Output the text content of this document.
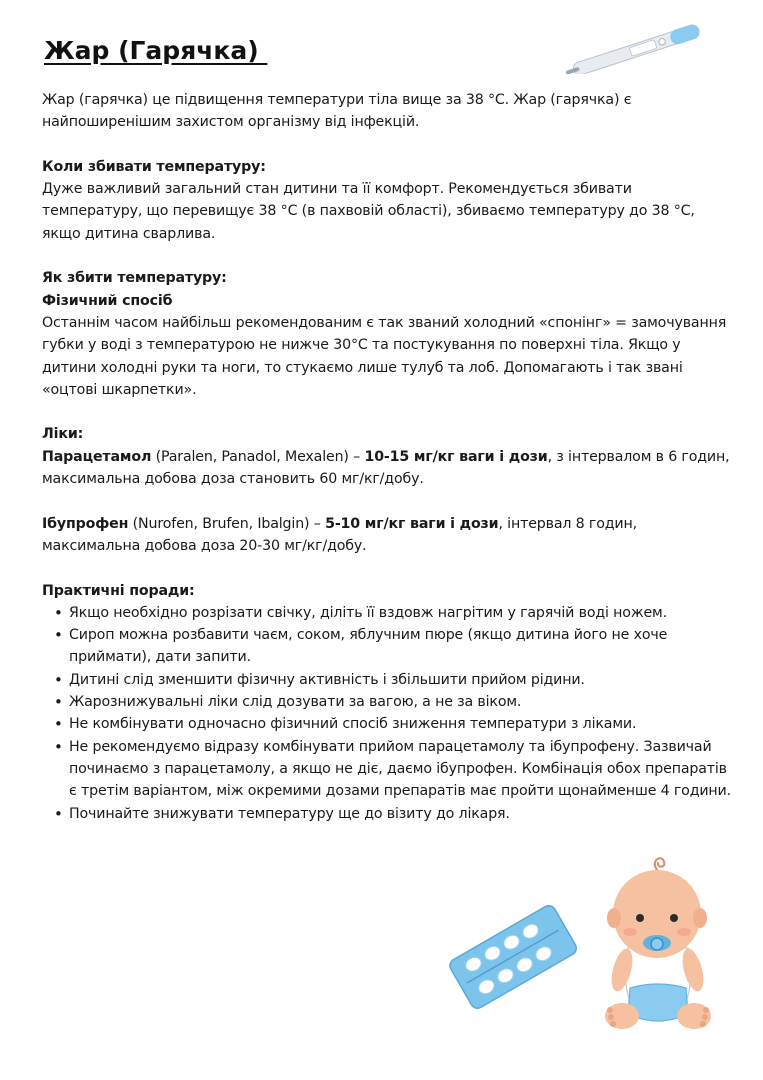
Жар (Гарячка)

Жар (гарячка) це підвищення температури тіла вище за 38 °C. Жар (гарячка) є найпоширенішим захистом організму від інфекцій.

Коли збивати температуру:

Дуже важливий загальний стан дитини та її комфорт. Рекомендується збивати температуру, що перевищує 38 °C (в пахвовій області), збиваємо температуру до 38 °C, якщо дитина сварлива.

Як збити температуру:

Фізичний спосіб

Останнім часом найбільш рекомендованим є так званий холодний «спонінг» = замочування губки у воді з температурою не нижче 30°C та постукування по поверхні тіла. Якщо у дитини холодні руки та ноги, то стукаємо лише тулуб та лоб. Допомагають і так звані «оцтові шкарпетки».

Ліки:

Парацетамол (Paralen, Panadol, Mexalen) – 10-15 мг/кг ваги і дози, з інтервалом в 6 годин, максимальна добова доза становить 60 мг/кг/добу.

Ібупрофен (Nurofen, Brufen, Ibalgin) – 5-10 мг/кг ваги і дози, інтервал 8 годин, максимальна добова доза 20-30 мг/кг/добу.

Практичні поради:

• Якщо необхідно розрізати свічку, діліть її вздовж нагрітим у гарячій воді ножем.
• Сироп можна розбавити чаєм, соком, яблучним пюре (якщо дитина його не хоче приймати), дати запити.
• Дитині слід зменшити фізичну активність і збільшити прийом рідини.
• Жарознижувальні ліки слід дозувати за вагою, а не за віком.
• Не комбінувати одночасно фізичний спосіб зниження температури з ліками.
• Не рекомендуємо відразу комбінувати прийом парацетамолу та ібупрофену. Зазвичай починаємо з парацетамолу, а якщо не діє, даємо ібупрофен. Комбінація обох препаратів є третім варіантом, між окремими дозами препаратів має пройти щонайменше 4 години.
• Починайте знижувати температуру ще до візиту до лікаря.
